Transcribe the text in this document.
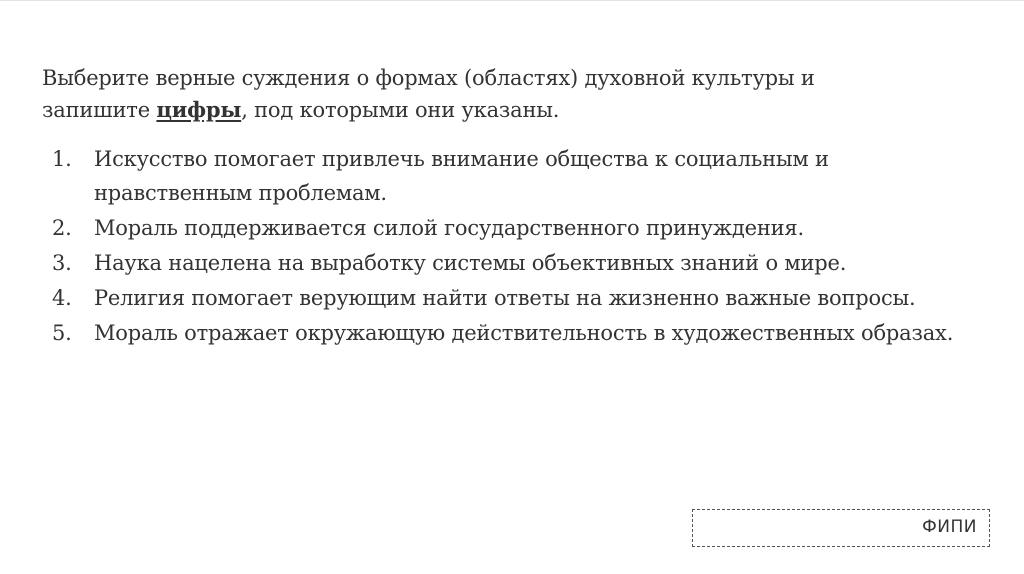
Выберите верные суждения о формах (областях) духовной культуры и
запишите цифры, под которыми они указаны.
1.	Искусство помогает привлечь внимание общества к социальным и нравственным проблемам.
2.	Мораль поддерживается силой государственного принуждения.
3.	Наука нацелена на выработку системы объективных знаний о мире.
4.	Религия помогает верующим найти ответы на жизненно важные вопросы.
5.	Мораль отражает окружающую действительность в художественных образах.
ФИПИ
